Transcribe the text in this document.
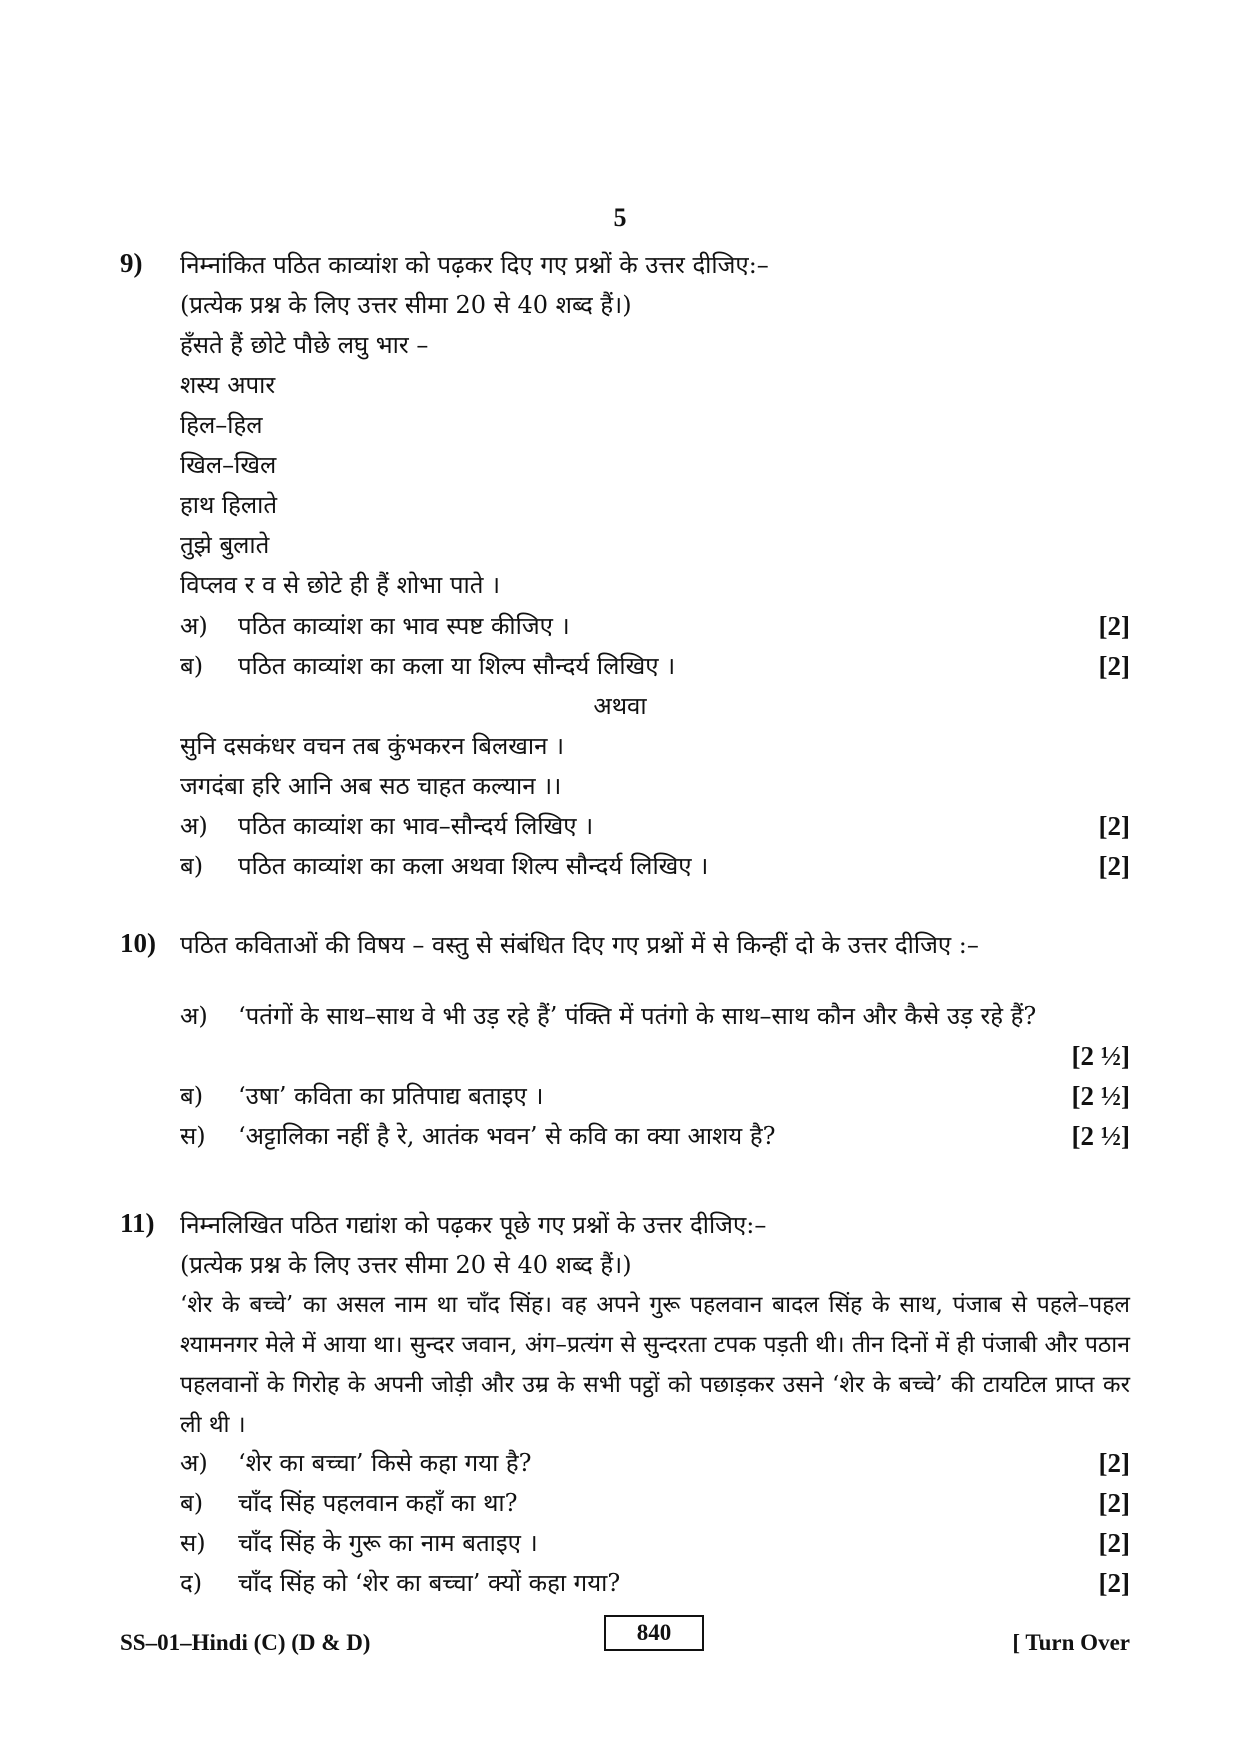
5
9) निम्नांकित पठित काव्यांश को पढ़कर दिए गए प्रश्नों के उत्तर दीजिए:–
(प्रत्येक प्रश्न के लिए उत्तर सीमा 20 से 40 शब्द हैं।)
हँसते हैं छोटे पौछे लघु भार –
शस्य अपार
हिल–हिल
खिल–खिल
हाथ हिलाते
तुझे बुलाते
विप्लव र व से छोटे ही हैं शोभा पाते ।
अ) पठित काव्यांश का भाव स्पष्ट कीजिए ।	[2]
ब) पठित काव्यांश का कला या शिल्प सौन्दर्य लिखिए ।	[2]
अथवा
सुनि दसकंधर वचन तब कुंभकरन बिलखान ।
जगदंबा हरि आनि अब सठ चाहत कल्यान ।।
अ) पठित काव्यांश का भाव–सौन्दर्य लिखिए ।	[2]
ब) पठित काव्यांश का कला अथवा शिल्प सौन्दर्य लिखिए ।	[2]
10) पठित कविताओं की विषय – वस्तु से संबंधित दिए गए प्रश्नों में से किन्हीं दो के उत्तर दीजिए :–
अ) ‘पतंगों के साथ–साथ वे भी उड़ रहे हैं’ पंक्ति में पतंगो के साथ–साथ कौन और कैसे उड़ रहे हैं?
[2 ½]
ब) ‘उषा’ कविता का प्रतिपाद्य बताइए ।	[2 ½]
स) ‘अट्टालिका नहीं है रे, आतंक भवन’ से कवि का क्या आशय है?	[2 ½]
11) निम्नलिखित पठित गद्यांश को पढ़कर पूछे गए प्रश्नों के उत्तर दीजिए:–
(प्रत्येक प्रश्न के लिए उत्तर सीमा 20 से 40 शब्द हैं।)
‘शेर के बच्चे’ का असल नाम था चाँद सिंह। वह अपने गुरू पहलवान बादल सिंह के साथ, पंजाब से पहले–पहल श्यामनगर मेले में आया था। सुन्दर जवान, अंग–प्रत्यंग से सुन्दरता टपक पड़ती थी। तीन दिनों में ही पंजाबी और पठान पहलवानों के गिरोह के अपनी जोड़ी और उम्र के सभी पट्ठों को पछाड़कर उसने ‘शेर के बच्चे’ की टायटिल प्राप्त कर ली थी ।
अ) ‘शेर का बच्चा’ किसे कहा गया है?	[2]
ब) चाँद सिंह पहलवान कहाँ का था?	[2]
स) चाँद सिंह के गुरू का नाम बताइए ।	[2]
द) चाँद सिंह को ‘शेर का बच्चा’ क्यों कहा गया?	[2]
SS–01–Hindi (C) (D & D)	840	[ Turn Over
